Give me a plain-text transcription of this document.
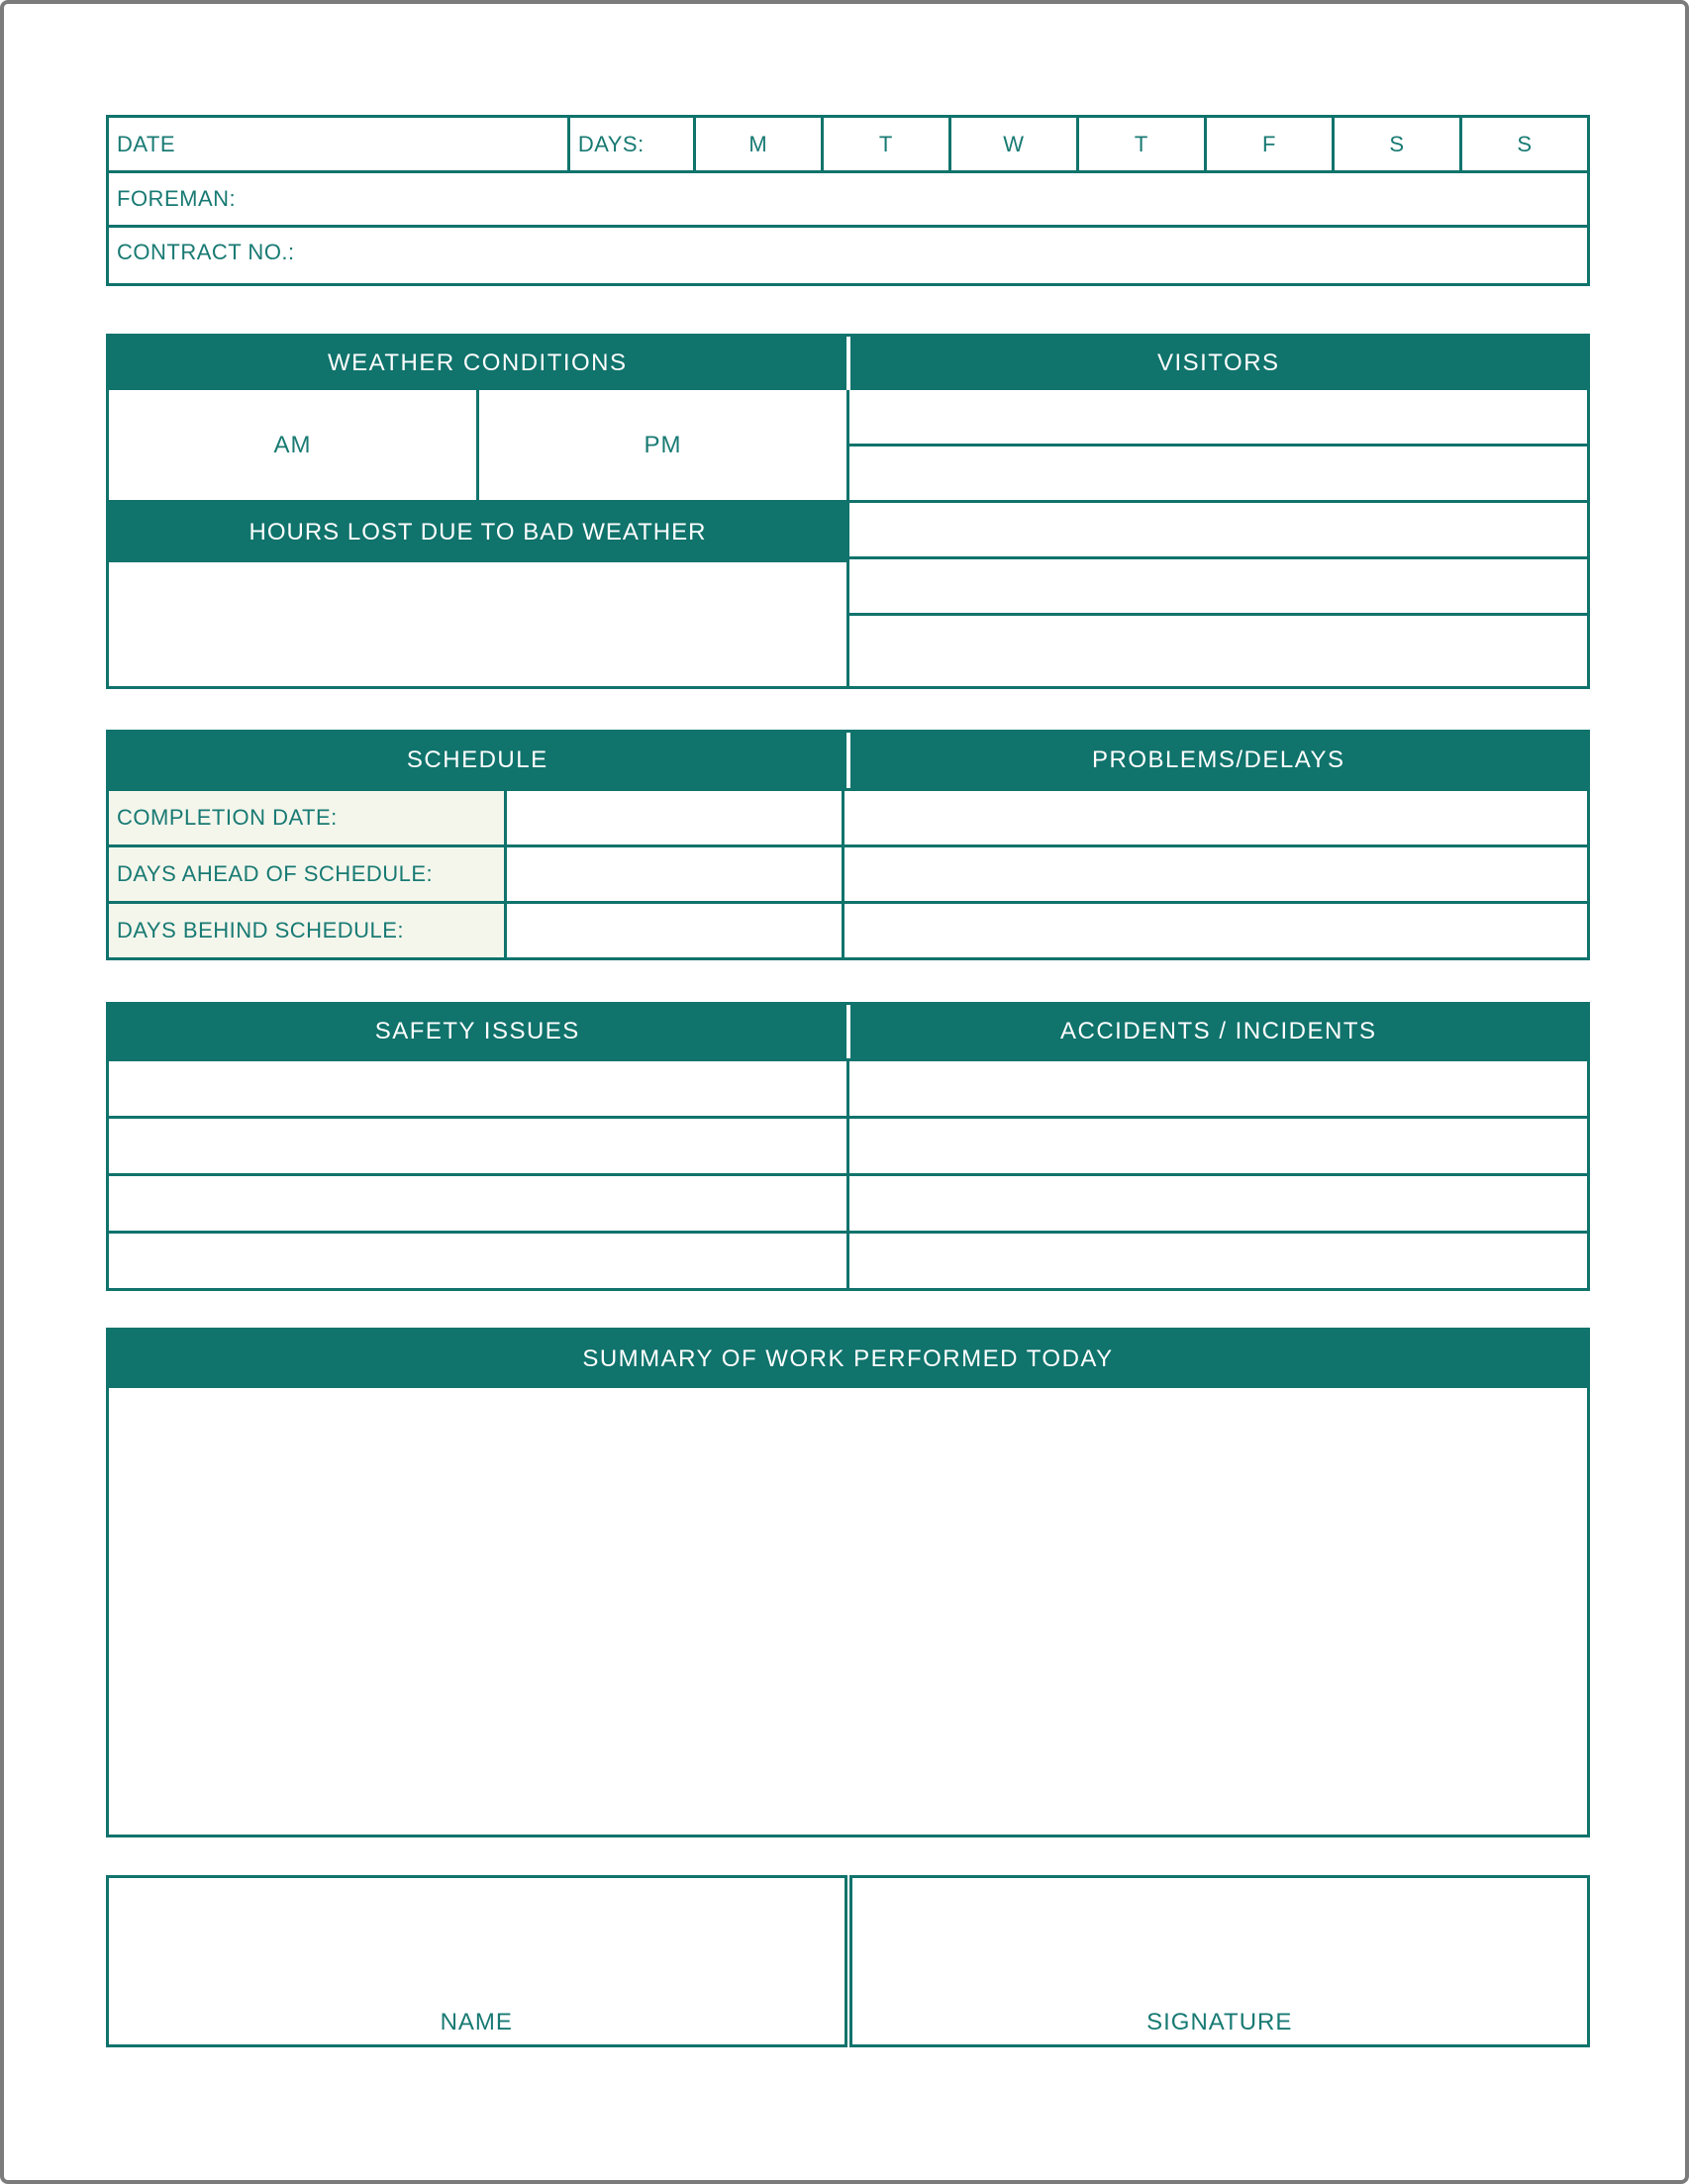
DATE	DAYS:	M	T	W	T	F	S	S
FOREMAN:
CONTRACT NO.:
WEATHER CONDITIONS	VISITORS
AM	PM
HOURS LOST DUE TO BAD WEATHER
SCHEDULE	PROBLEMS/DELAYS
COMPLETION DATE:
DAYS AHEAD OF SCHEDULE:
DAYS BEHIND SCHEDULE:
SAFETY ISSUES	ACCIDENTS / INCIDENTS
SUMMARY OF WORK PERFORMED TODAY
NAME	SIGNATURE
